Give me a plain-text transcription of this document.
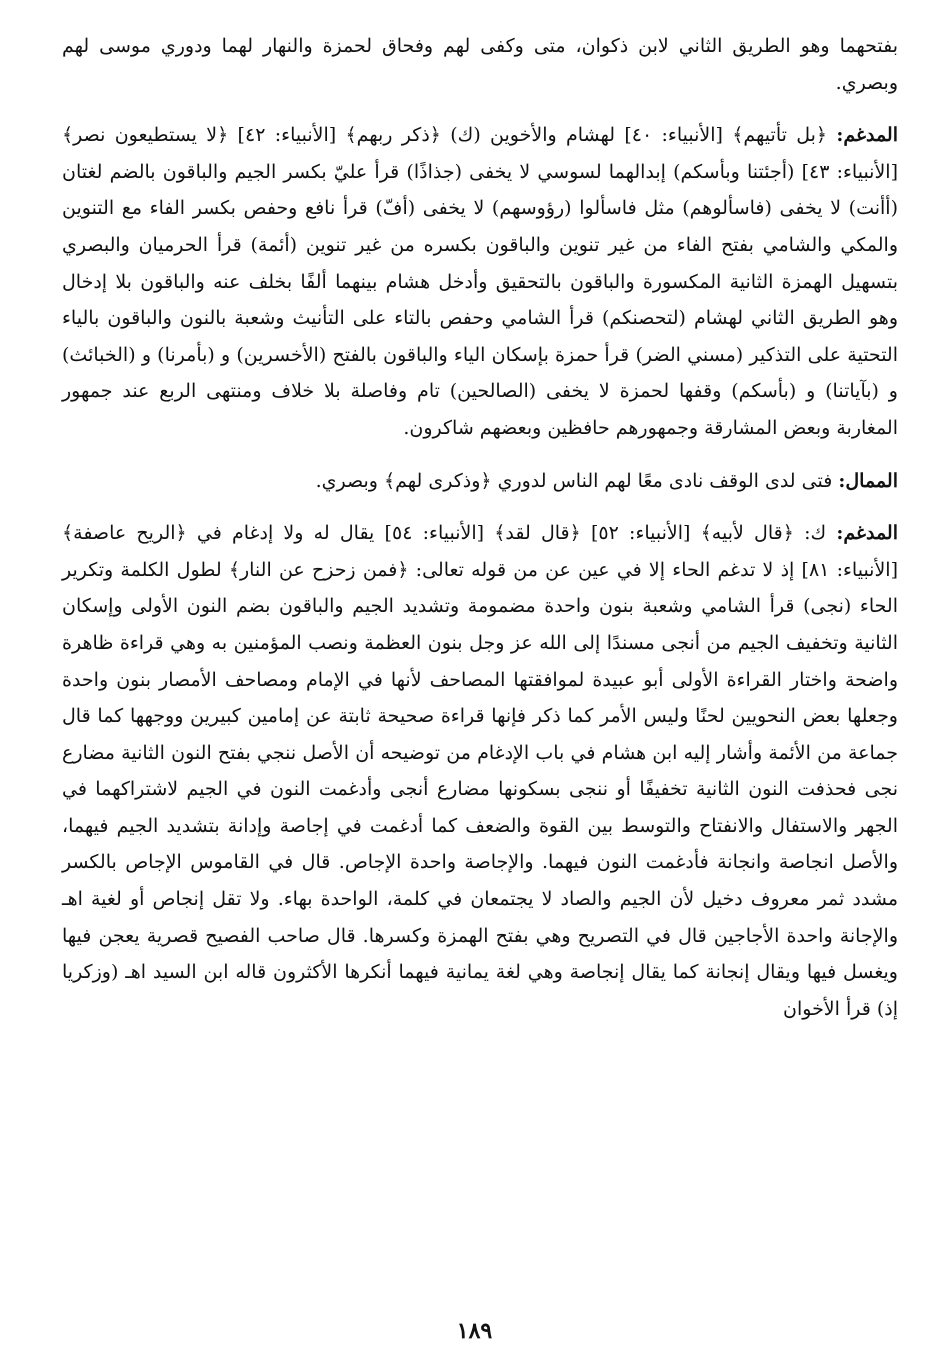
بفتحهما وهو الطريق الثاني لابن ذكوان، متى وكفى لهم وفحاق لحمزة والنهار لهما ودوري موسى لهم وبصري.

المدغم: ﴿بل تأتيهم﴾ [الأنبياء: ٤٠] لهشام والأخوين (ك) ﴿ذكر ربهم﴾ [الأنبياء: ٤٢] ﴿لا يستطيعون نصر﴾ [الأنبياء: ٤٣] (أجئتنا وبأسكم) إبدالهما لسوسي لا يخفى (جذاذًا) قرأ عليّ بكسر الجيم والباقون بالضم لغتان (أأنت) لا يخفى (فاسألوهم) مثل فاسألوا (رؤوسهم) لا يخفى (أفّ) قرأ نافع وحفص بكسر الفاء مع التنوين والمكي والشامي بفتح الفاء من غير تنوين والباقون بكسره من غير تنوين (أئمة) قرأ الحرميان والبصري بتسهيل الهمزة الثانية المكسورة والباقون بالتحقيق وأدخل هشام بينهما ألفًا بخلف عنه والباقون بلا إدخال وهو الطريق الثاني لهشام (لتحصنكم) قرأ الشامي وحفص بالتاء على التأنيث وشعبة بالنون والباقون بالياء التحتية على التذكير (مسني الضر) قرأ حمزة بإسكان الياء والباقون بالفتح (الأخسرين) و (بأمرنا) و (الخبائث) و (بآياتنا) و (بأسكم) وقفها لحمزة لا يخفى (الصالحين) تام وفاصلة بلا خلاف ومنتهى الربع عند جمهور المغاربة وبعض المشارقة وجمهورهم حافظين وبعضهم شاكرون.

الممال: فتى لدى الوقف نادى معًا لهم الناس لدوري ﴿وذكرى لهم﴾ وبصري.

المدغم: ك: ﴿قال لأبيه﴾ [الأنبياء: ٥٢] ﴿قال لقد﴾ [الأنبياء: ٥٤] يقال له ولا إدغام في ﴿الريح عاصفة﴾ [الأنبياء: ٨١] إذ لا تدغم الحاء إلا في عين عن من قوله تعالى: ﴿فمن زحزح عن النار﴾ لطول الكلمة وتكرير الحاء (نجى) قرأ الشامي وشعبة بنون واحدة مضمومة وتشديد الجيم والباقون بضم النون الأولى وإسكان الثانية وتخفيف الجيم من أنجى مسندًا إلى الله عز وجل بنون العظمة ونصب المؤمنين به وهي قراءة ظاهرة واضحة واختار القراءة الأولى أبو عبيدة لموافقتها المصاحف لأنها في الإمام ومصاحف الأمصار بنون واحدة وجعلها بعض النحويين لحنًا وليس الأمر كما ذكر فإنها قراءة صحيحة ثابتة عن إمامين كبيرين ووجهها كما قال جماعة من الأئمة وأشار إليه ابن هشام في باب الإدغام من توضيحه أن الأصل ننجي بفتح النون الثانية مضارع نجى فحذفت النون الثانية تخفيفًا أو ننجى بسكونها مضارع أنجى وأدغمت النون في الجيم لاشتراكهما في الجهر والاستفال والانفتاح والتوسط بين القوة والضعف كما أدغمت في إجاصة وإدانة بتشديد الجيم فيهما، والأصل انجاصة وانجانة فأدغمت النون فيهما. والإجاصة واحدة الإجاص. قال في القاموس الإجاص بالكسر مشدد ثمر معروف دخيل لأن الجيم والصاد لا يجتمعان في كلمة، الواحدة بهاء. ولا تقل إنجاص أو لغية اهـ والإجانة واحدة الأجاجين قال في التصريح وهي بفتح الهمزة وكسرها. قال صاحب الفصيح قصرية يعجن فيها ويغسل فيها ويقال إنجانة كما يقال إنجاصة وهي لغة يمانية فيهما أنكرها الأكثرون قاله ابن السيد اهـ (وزكريا إذ) قرأ الأخوان

١٨٩
